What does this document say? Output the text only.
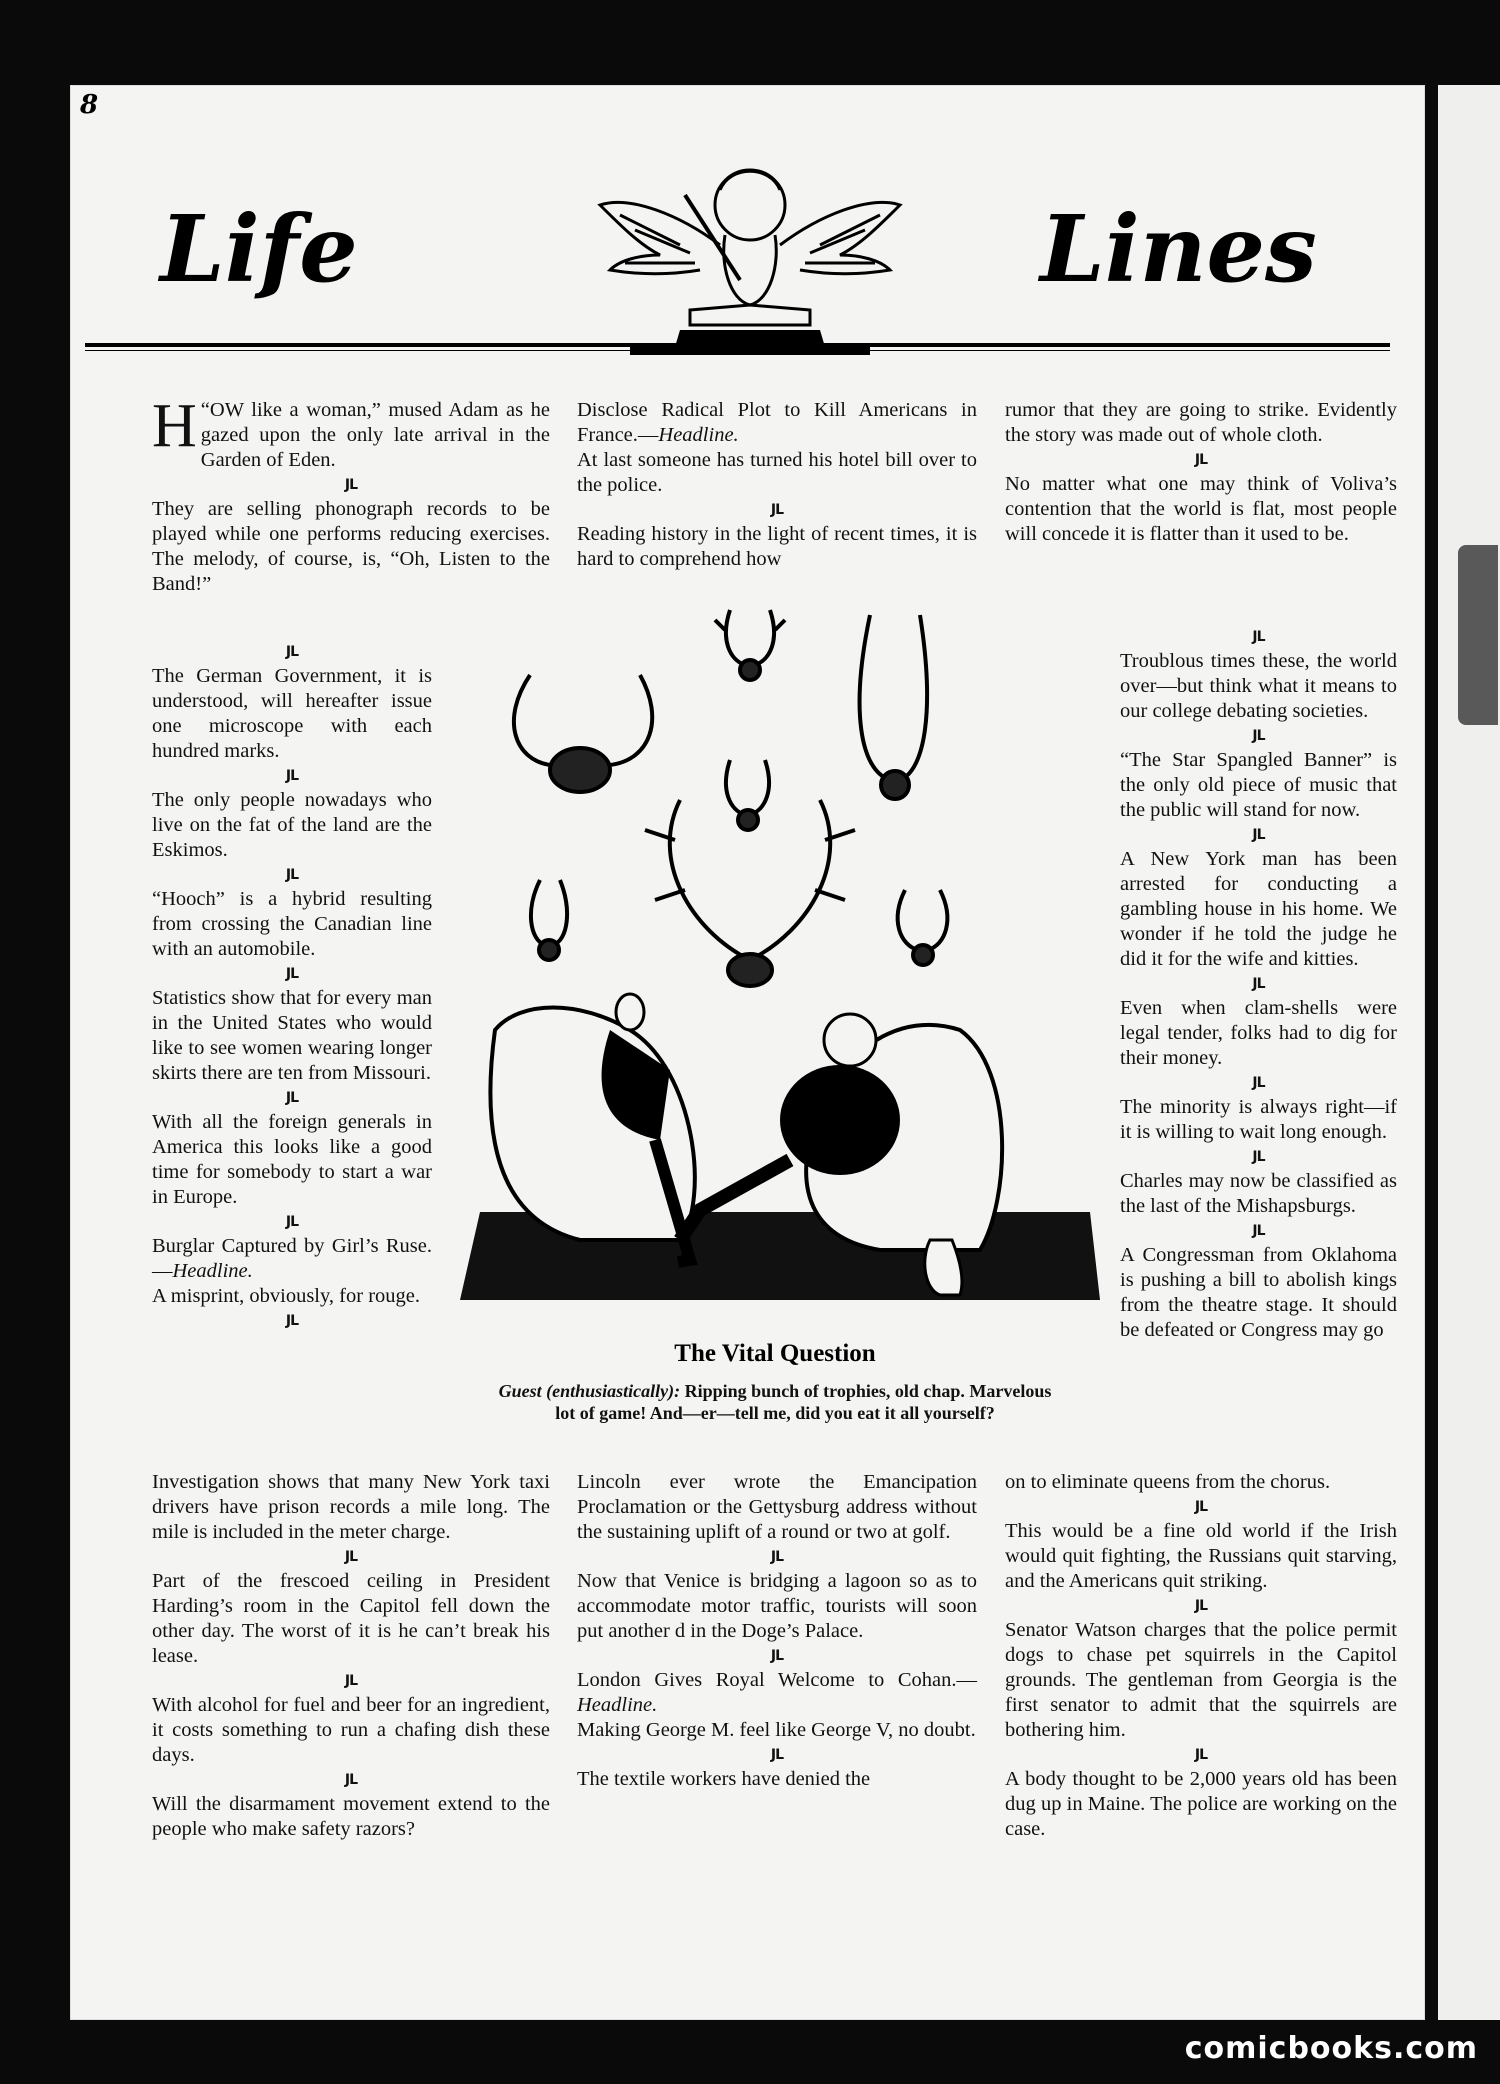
8
Life	Lines

“
H OW like a woman,” mused Adam as he gazed upon the only late arrival in the Garden of Eden.

JL

They are selling phonograph records to be played while one performs reducing exercises. The melody, of course, is, “Oh, Listen to the Band!”

JL

The German Government, it is understood, will hereafter issue one microscope with each hundred marks.

JL

The only people nowadays who live on the fat of the land are the Eskimos.

JL

“Hooch” is a hybrid resulting from crossing the Canadian line with an automobile.

JL

Statistics show that for every man in the United States who would like to see women wearing longer skirts there are ten from Missouri.

JL

With all the foreign generals in America this looks like a good time for somebody to start a war in Europe.

JL

Burglar Captured by Girl’s Ruse.—Headline.

A misprint, obviously, for rouge.

JL

Investigation shows that many New York taxi drivers have prison records a mile long. The mile is included in the meter charge.

JL

Part of the frescoed ceiling in President Harding’s room in the Capitol fell down the other day. The worst of it is he can’t break his lease.

JL

With alcohol for fuel and beer for an ingredient, it costs something to run a chafing dish these days.

JL

Will the disarmament movement extend to the people who make safety razors?

Disclose Radical Plot to Kill Americans in France.—Headline.

At last someone has turned his hotel bill over to the police.

JL

Reading history in the light of recent times, it is hard to comprehend how

Lincoln ever wrote the Emancipation Proclamation or the Gettysburg address without the sustaining uplift of a round or two at golf.

JL

Now that Venice is bridging a lagoon so as to accommodate motor traffic, tourists will soon put another d in the Doge’s Palace.

JL

London Gives Royal Welcome to Cohan.—Headline.

Making George M. feel like George V, no doubt.

JL

The textile workers have denied the

rumor that they are going to strike. Evidently the story was made out of whole cloth.

JL

No matter what one may think of Voliva’s contention that the world is flat, most people will concede it is flatter than it used to be.

JL

Troublous times these, the world over—but think what it means to our college debating societies.

JL

“The Star Spangled Banner” is the only old piece of music that the public will stand for now.

JL

A New York man has been arrested for conducting a gambling house in his home. We wonder if he told the judge he did it for the wife and kitties.

JL

Even when clam-shells were legal tender, folks had to dig for their money.

JL

The minority is always right—if it is willing to wait long enough.

JL

Charles may now be classified as the last of the Mishapsburgs.

JL

A Congressman from Oklahoma is pushing a bill to abolish kings from the theatre stage. It should be defeated or Congress may go

on to eliminate queens from the chorus.

JL

This would be a fine old world if the Irish would quit fighting, the Russians quit starving, and the Americans quit striking.

JL

Senator Watson charges that the police permit dogs to chase pet squirrels in the Capitol grounds. The gentleman from Georgia is the first senator to admit that the squirrels are bothering him.

JL

A body thought to be 2,000 years old has been dug up in Maine. The police are working on the case.

The Vital Question
Guest (enthusiastically): Ripping bunch of trophies, old chap. Marvelous lot of game! And—er—tell me, did you eat it all yourself?
comicbooks.com
